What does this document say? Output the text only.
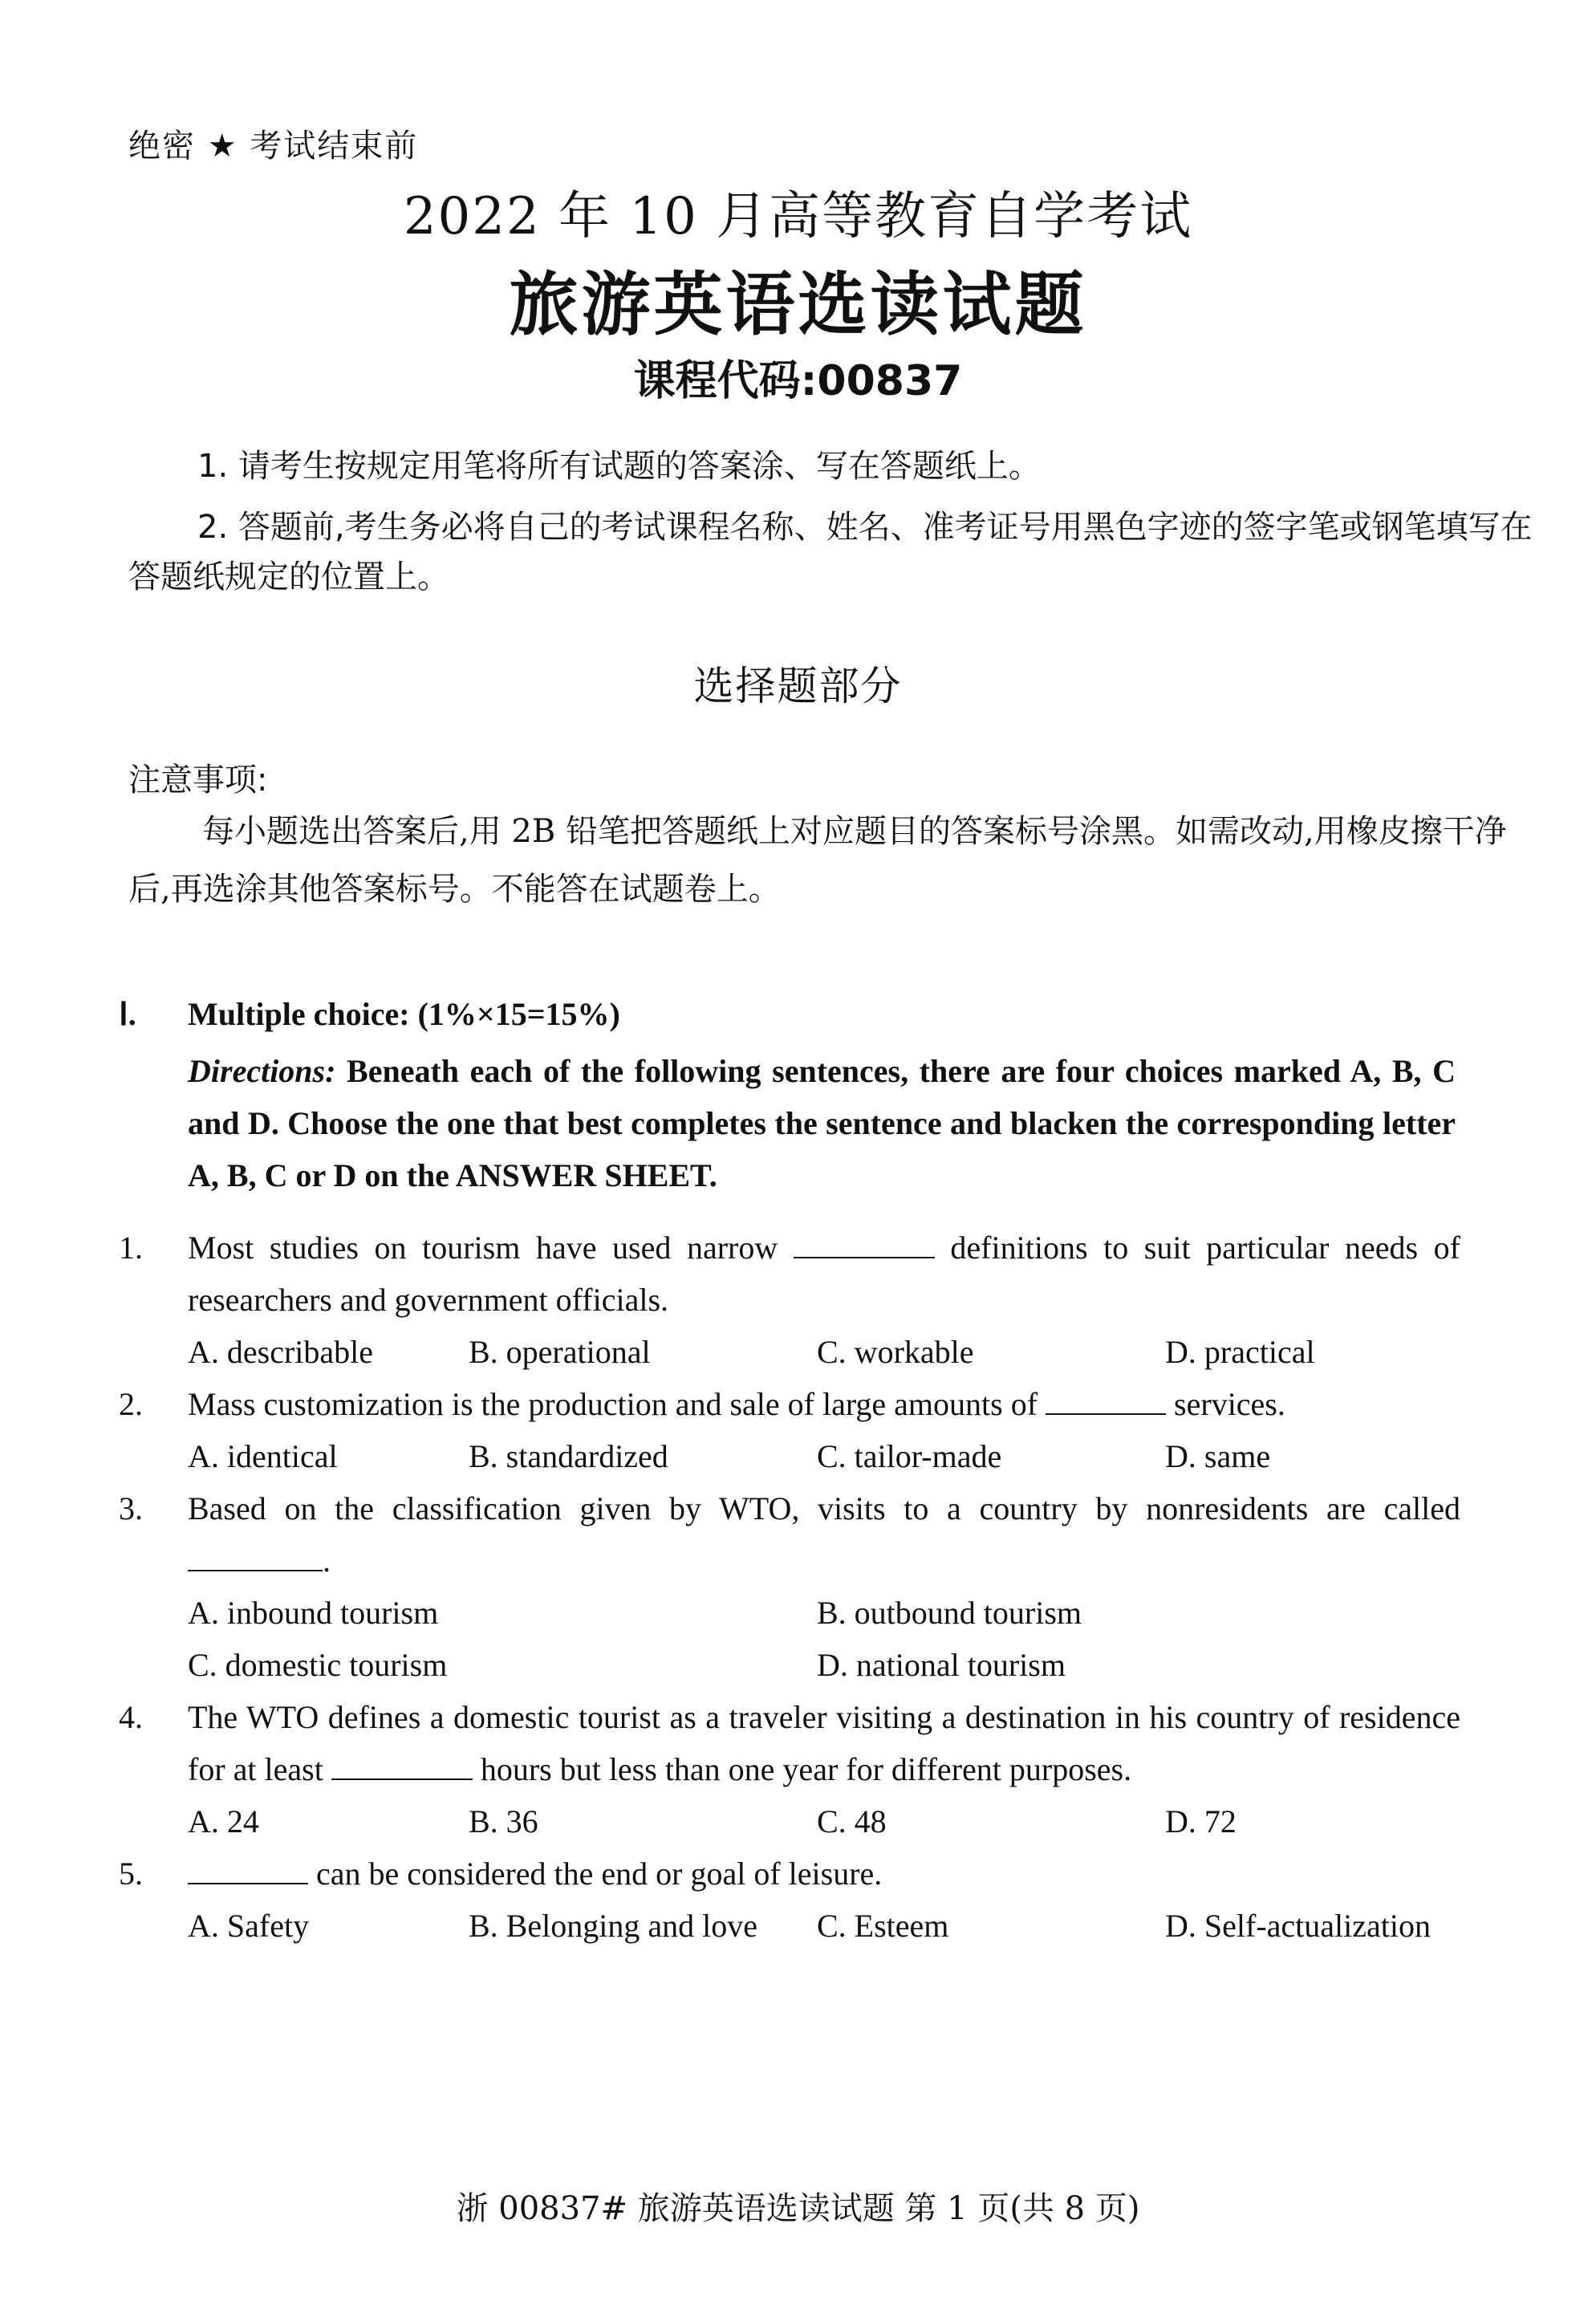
绝密 ★ 考试结束前
2022 年 10 月高等教育自学考试
旅游英语选读试题
课程代码:00837
1. 请考生按规定用笔将所有试题的答案涂、写在答题纸上。
2. 答题前,考生务必将自己的考试课程名称、姓名、准考证号用黑色字迹的签字笔或钢笔填写在答题纸规定的位置上。
选择题部分
注意事项:
每小题选出答案后,用 2B 铅笔把答题纸上对应题目的答案标号涂黑。如需改动,用橡皮擦干净后,再选涂其他答案标号。不能答在试题卷上。
Ⅰ. Multiple choice: (1%×15=15%)
Directions: Beneath each of the following sentences, there are four choices marked A, B, C and D. Choose the one that best completes the sentence and blacken the corresponding letter A, B, C or D on the ANSWER SHEET.
1.	Most studies on tourism have used narrow	definitions to suit particular needs of researchers and government officials.
A. describable	B. operational	C. workable	D. practical
2.	Mass customization is the production and sale of large amounts of	services.
A. identical	B. standardized	C. tailor-made	D. same
3.	Based on the classification given by WTO, visits to a country by nonresidents are called .
A. inbound tourism	B. outbound tourism
C. domestic tourism	D. national tourism
4.	The WTO defines a domestic tourist as a traveler visiting a destination in his country of residence for at least	hours but less than one year for different purposes.
A. 24	B. 36	C. 48	D. 72
5.	can be considered the end or goal of leisure.
A. Safety	B. Belonging and love C. Esteem	D. Self-actualization
浙 00837# 旅游英语选读试题 第 1 页(共 8 页)
